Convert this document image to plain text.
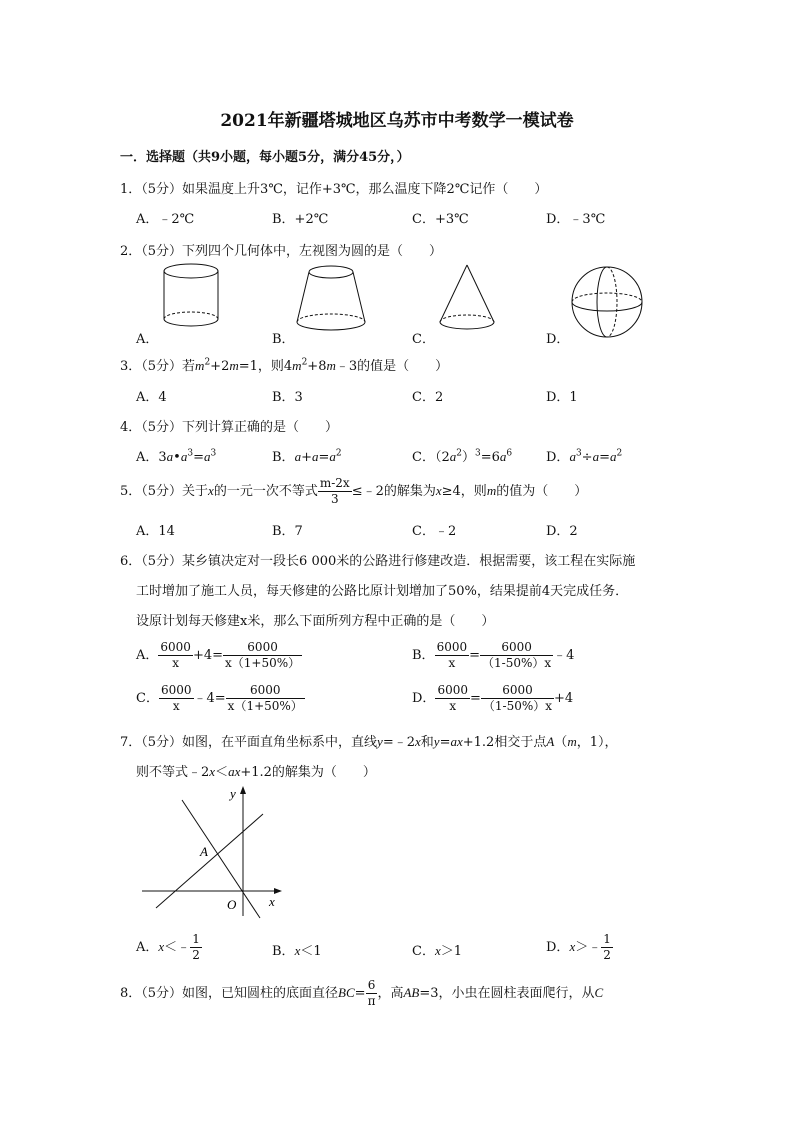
2021年新疆塔城地区乌苏市中考数学一模试卷
一．选择题（共9小题，每小题5分，满分45分，）
1．（5分）如果温度上升3℃，记作+3℃，那么温度下降2℃记作（　　）
A．﹣2℃	B．+2℃	C．+3℃	D．﹣3℃
2．（5分）下列四个几何体中，左视图为圆的是（　　）
A．	B．	C．	D．
3．（5分）若$m^2+2m=1$，则$4m^2+8m﹣3$的值是（　　）
A．4	B．3	C．2	D．1
4．（5分）下列计算正确的是（　　）
A．$3a•a^3=a^3$	B．$a+a=a^2$	C．$(2a^2)^3=6a^6$	D．$a^3\div a=a^2$
5．（5分）关于x的一元一次不等式 $\frac{m-2x}{3}$ ≤﹣2的解集为x≥4，则m的值为（　　）
A．14	B．7	C．﹣2	D．2
6．（5分）某乡镇决定对一段长6 000米的公路进行修建改造．根据需要，该工程在实际施
工时增加了施工人员，每天修建的公路比原计划增加了50%，结果提前4天完成任务．
设原计划每天修建x米，那么下面所列方程中正确的是（　　）
A． $\frac{6000}{x} +4= \frac{6000}{x(1+50\%)}$	B． $\frac{6000}{x} = \frac{6000}{(1-50\%)x}$ ﹣4
C． $\frac{6000}{x}$ ﹣4= $\frac{6000}{x(1+50\%)}$	D． $\frac{6000}{x} = \frac{6000}{(1-50\%)x} +4$
7．（5分）如图，在平面直角坐标系中，直线y=﹣2x和y=ax+1.2相交于点A（m，1），
则不等式﹣2x＜ax+1.2的解集为（　　）
y
x
A
O
A．x＜﹣ $\frac{1}{2}$	B．x＜1	C．x＞1	D．x＞﹣ $\frac{1}{2}$
8．（5分）如图，已知圆柱的底面直径$BC= \frac{6}{\pi}$ ，高AB=3，小虫在圆柱表面爬行，从C
